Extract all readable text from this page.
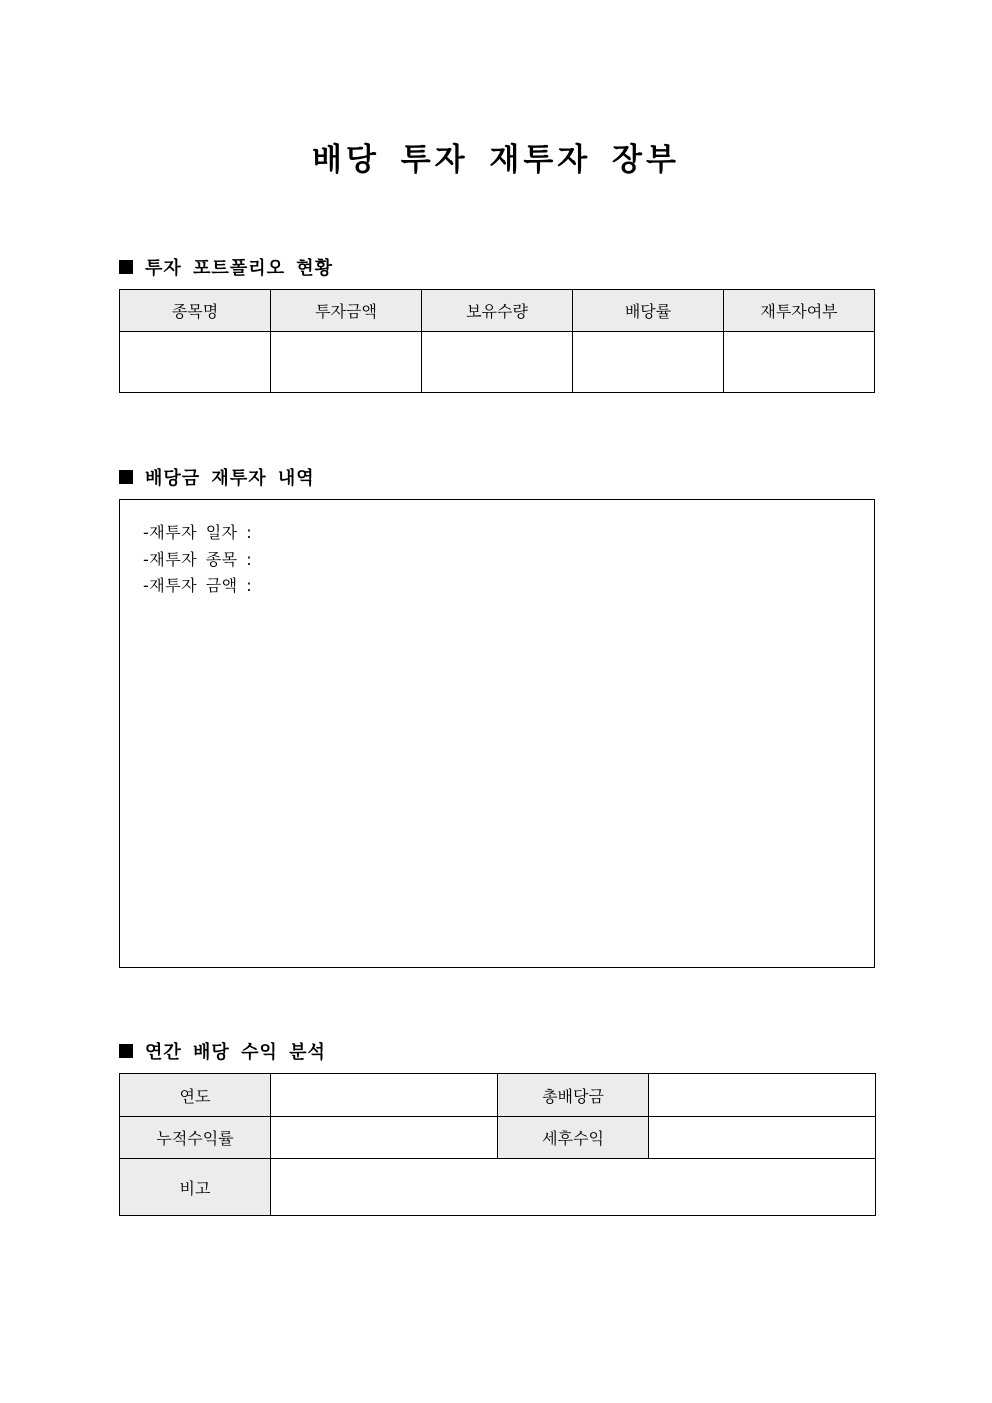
배당 투자 재투자 장부
투자 포트폴리오 현황
종목명	투자금액	보유수량	배당률	재투자여부

배당금 재투자 내역
-재투자 일자 :
-재투자 종목 :
-재투자 금액 :
연간 배당 수익 분석
연도		총배당금	
누적수익률		세후수익	
비고			
